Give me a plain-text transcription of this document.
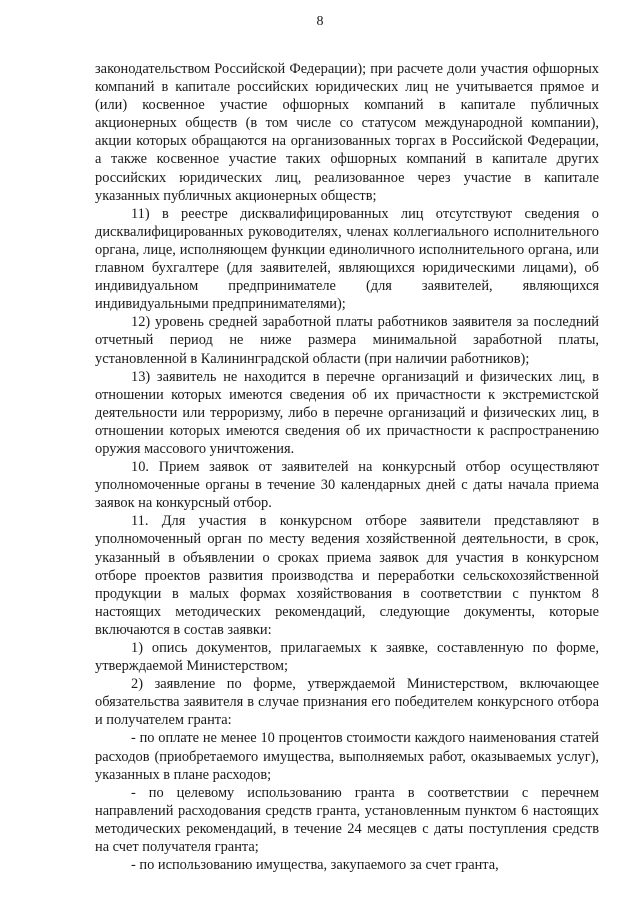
8

законодательством Российской Федерации); при расчете доли участия офшорных компаний в капитале российских юридических лиц не учитывается прямое и (или) косвенное участие офшорных компаний в капитале публичных акционерных обществ (в том числе со статусом международной компании), акции которых обращаются на организованных торгах в Российской Федерации, а также косвенное участие таких офшорных компаний в капитале других российских юридических лиц, реализованное через участие в капитале указанных публичных акционерных обществ;

11) в реестре дисквалифицированных лиц отсутствуют сведения о дисквалифицированных руководителях, членах коллегиального исполнительного органа, лице, исполняющем функции единоличного исполнительного органа, или главном бухгалтере (для заявителей, являющихся юридическими лицами), об индивидуальном предпринимателе (для заявителей, являющихся индивидуальными предпринимателями);

12) уровень средней заработной платы работников заявителя за последний отчетный период не ниже размера минимальной заработной платы, установленной в Калининградской области (при наличии работников);

13) заявитель не находится в перечне организаций и физических лиц, в отношении которых имеются сведения об их причастности к экстремистской деятельности или терроризму, либо в перечне организаций и физических лиц, в отношении которых имеются сведения об их причастности к распространению оружия массового уничтожения.

10. Прием заявок от заявителей на конкурсный отбор осуществляют уполномоченные органы в течение 30 календарных дней с даты начала приема заявок на конкурсный отбор.

11. Для участия в конкурсном отборе заявители представляют в уполномоченный орган по месту ведения хозяйственной деятельности, в срок, указанный в объявлении о сроках приема заявок для участия в конкурсном отборе проектов развития производства и переработки сельскохозяйственной продукции в малых формах хозяйствования в соответствии с пунктом 8 настоящих методических рекомендаций, следующие документы, которые включаются в состав заявки:

1) опись документов, прилагаемых к заявке, составленную по форме, утверждаемой Министерством;

2) заявление по форме, утверждаемой Министерством, включающее обязательства заявителя в случае признания его победителем конкурсного отбора и получателем гранта:

- по оплате не менее 10 процентов стоимости каждого наименования статей расходов (приобретаемого имущества, выполняемых работ, оказываемых услуг), указанных в плане расходов;

- по целевому использованию гранта в соответствии с перечнем направлений расходования средств гранта, установленным пунктом 6 настоящих методических рекомендаций, в течение 24 месяцев с даты поступления средств на счет получателя гранта;

- по использованию имущества, закупаемого за счет гранта,
